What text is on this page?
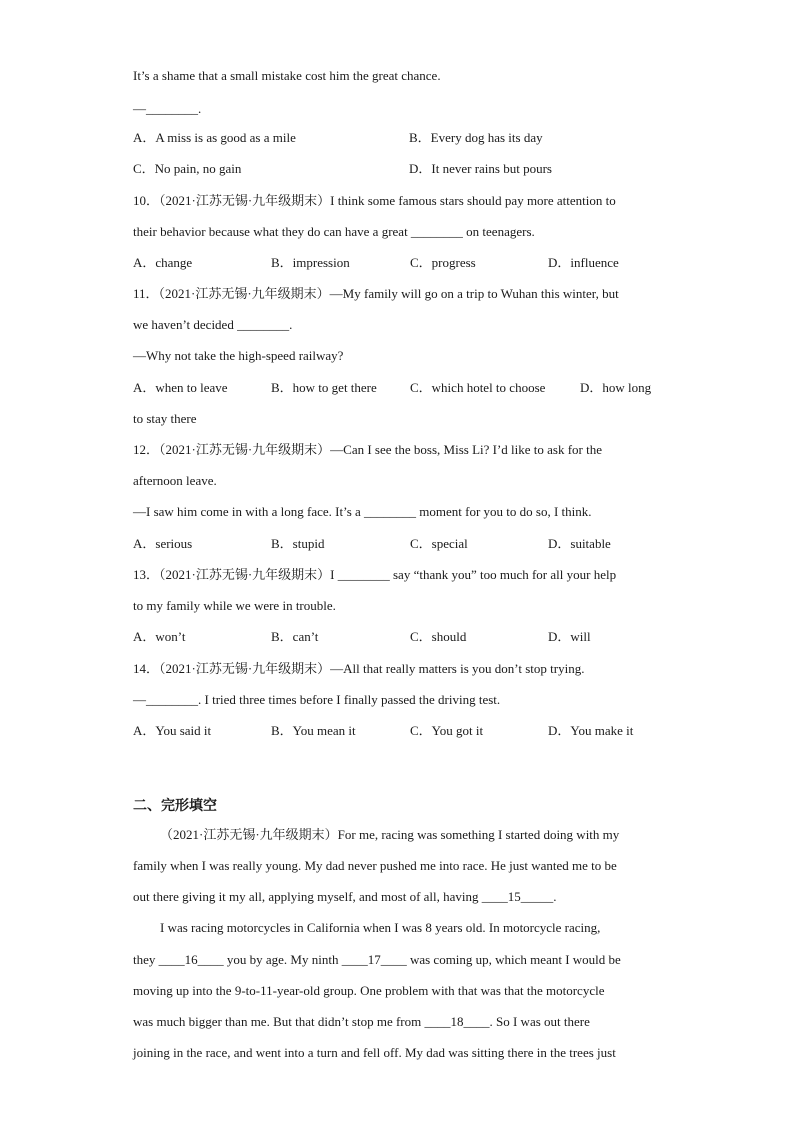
It’s a shame that a small mistake cost him the great chance.
—________.
A．A miss is as good as a mile	B．Every dog has its day
C．No pain, no gain	D．It never rains but pours
10．（2021·江苏无锡·九年级期末）I think some famous stars should pay more attention to
their behavior because what they do can have a great ________ on teenagers.
A．change	B．impression	C．progress	D．influence
11．（2021·江苏无锡·九年级期末）—My family will go on a trip to Wuhan this winter, but
we haven’t decided ________.
—Why not take the high-speed railway?
A．when to leave	B．how to get there	C．which hotel to choose	D．how long
to stay there
12．（2021·江苏无锡·九年级期末）—Can I see the boss, Miss Li? I’d like to ask for the
afternoon leave.
—I saw him come in with a long face. It’s a ________ moment for you to do so, I think.
A．serious	B．stupid	C．special	D．suitable
13．（2021·江苏无锡·九年级期末）I ________ say “thank you” too much for all your help
to my family while we were in trouble.
A．won’t	B．can’t	C．should	D．will
14．（2021·江苏无锡·九年级期末）—All that really matters is you don’t stop trying.
—________. I tried three times before I finally passed the driving test.
A．You said it	B．You mean it	C．You got it	D．You make it
二、完形填空
（2021·江苏无锡·九年级期末）For me, racing was something I started doing with my
family when I was really young. My dad never pushed me into race. He just wanted me to be
out there giving it my all, applying myself, and most of all, having ____15_____.
I was racing motorcycles in California when I was 8 years old. In motorcycle racing,
they ____16____ you by age. My ninth ____17____ was coming up, which meant I would be
moving up into the 9-to-11-year-old group. One problem with that was that the motorcycle
was much bigger than me. But that didn’t stop me from ____18____. So I was out there
joining in the race, and went into a turn and fell off. My dad was sitting there in the trees just
